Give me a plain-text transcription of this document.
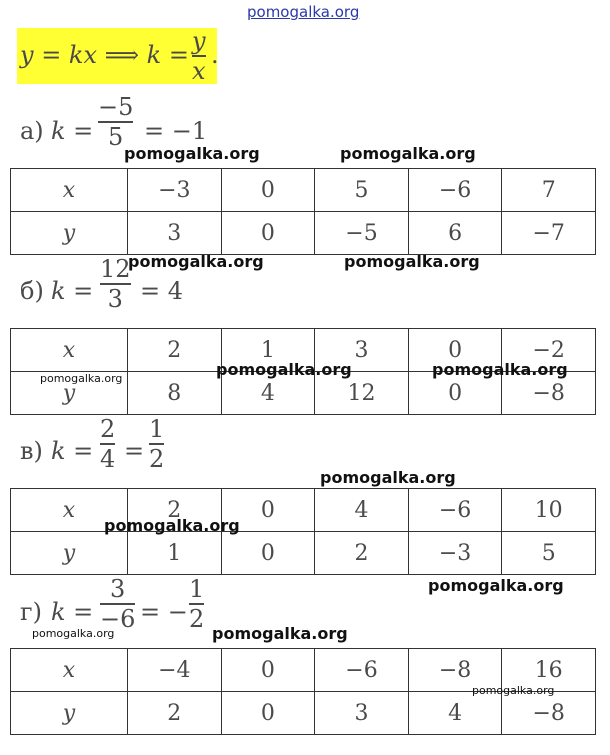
pomogalka.org
y = kx ⟹ k = y
x
.
а) k =
−5
5 = −1
x	−3	0	5	−6	7
y	3	0	−5	6	−7
б) k =
12
3 = 4
x	2	1	3	0	−2
y	8	4	12	0	−8
в) k =
2
4 =
1
2
x	2	0	4	−6	10
y	1	0	2	−3	5
г) k =
3
−6 = −
1
2
x	−4	0	−6	−8	16
y	2	0	3	4	−8
pomogalka.org	pomogalka.org
pomogalka.org	pomogalka.org
pomogalka.org	pomogalka.org	pomogalka.org
pomogalka.org
pomogalka.org
pomogalka.org
pomogalka.org	pomogalka.org
pomogalka.org
